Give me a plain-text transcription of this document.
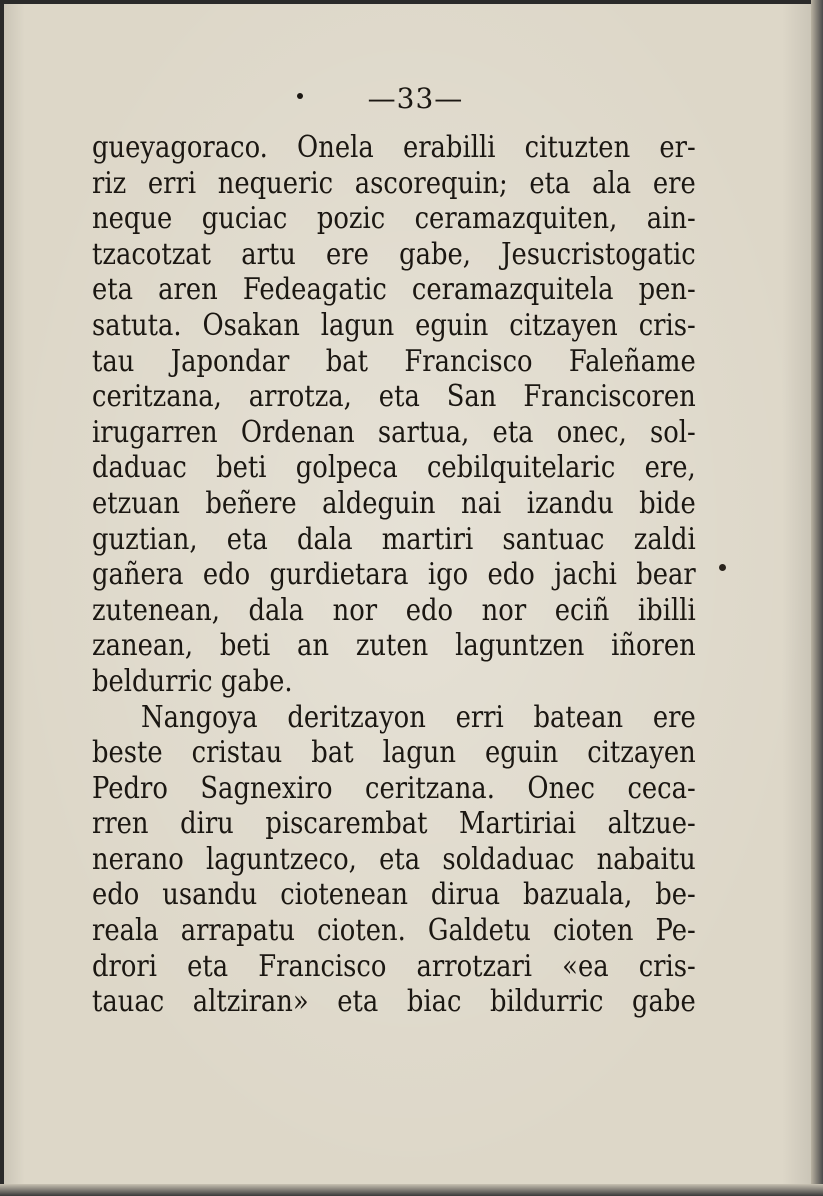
—33—
gueyagoraco. Onela erabilli cituzten er-
riz erri nequeric ascorequin; eta ala ere
neque guciac pozic ceramazquiten, ain-
tzacotzat artu ere gabe, Jesucristogatic
eta aren Fedeagatic ceramazquitela pen-
satuta. Osakan lagun eguin citzayen cris-
tau Japondar bat Francisco Faleñame
ceritzana, arrotza, eta San Franciscoren
irugarren Ordenan sartua, eta onec, sol-
daduac beti golpeca cebilquitelaric ere,
etzuan beñere aldeguin nai izandu bide
guztian, eta dala martiri santuac zaldi
gañera edo gurdietara igo edo jachi bear
zutenean, dala nor edo nor eciñ ibilli
zanean, beti an zuten laguntzen iñoren
beldurric gabe.
Nangoya deritzayon erri batean ere
beste cristau bat lagun eguin citzayen
Pedro Sagnexiro ceritzana. Onec ceca-
rren diru piscarembat Martiriai altzue-
nerano laguntzeco, eta soldaduac nabaitu
edo usandu ciotenean dirua bazuala, be-
reala arrapatu cioten. Galdetu cioten Pe-
drori eta Francisco arrotzari «ea cris-
tauac altziran» eta biac bildurric gabe
